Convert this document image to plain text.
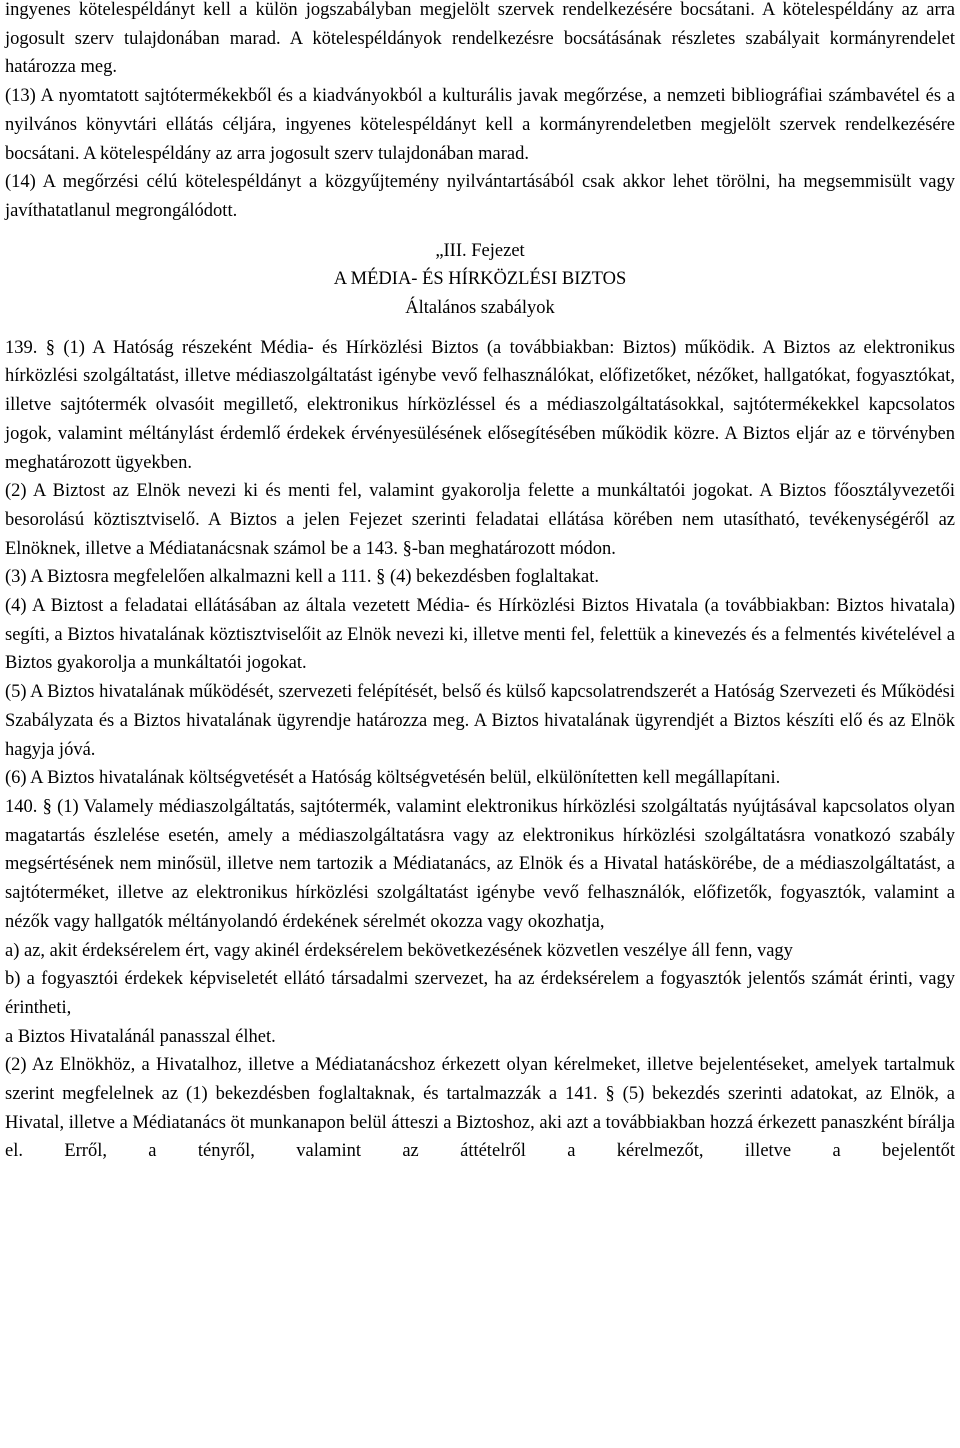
ingyenes kötelespéldányt kell a külön jogszabályban megjelölt szervek rendelkezésére bocsátani. A kötelespéldány az arra jogosult szerv tulajdonában marad. A kötelespéldányok rendelkezésre bocsátásának részletes szabályait kormányrendelet határozza meg.

(13) A nyomtatott sajtótermékekből és a kiadványokból a kulturális javak megőrzése, a nemzeti bibliográfiai számbavétel és a nyilvános könyvtári ellátás céljára, ingyenes kötelespéldányt kell a kormányrendeletben megjelölt szervek rendelkezésére bocsátani. A kötelespéldány az arra jogosult szerv tulajdonában marad.

(14) A megőrzési célú kötelespéldányt a közgyűjtemény nyilvántartásából csak akkor lehet törölni, ha megsemmisült vagy javíthatatlanul megrongálódott.

„III. Fejezet
A MÉDIA- ÉS HÍRKÖZLÉSI BIZTOS
Általános szabályok

139. § (1) A Hatóság részeként Média- és Hírközlési Biztos (a továbbiakban: Biztos) működik. A Biztos az elektronikus hírközlési szolgáltatást, illetve médiaszolgáltatást igénybe vevő felhasználókat, előfizetőket, nézőket, hallgatókat, fogyasztókat, illetve sajtótermék olvasóit megillető, elektronikus hírközléssel és a médiaszolgáltatásokkal, sajtótermékekkel kapcsolatos jogok, valamint méltánylást érdemlő érdekek érvényesülésének elősegítésében működik közre. A Biztos eljár az e törvényben meghatározott ügyekben.

(2) A Biztost az Elnök nevezi ki és menti fel, valamint gyakorolja felette a munkáltatói jogokat. A Biztos főosztályvezetői besorolású köztisztviselő. A Biztos a jelen Fejezet szerinti feladatai ellátása körében nem utasítható, tevékenységéről az Elnöknek, illetve a Médiatanácsnak számol be a 143. §-ban meghatározott módon.

(3) A Biztosra megfelelően alkalmazni kell a 111. § (4) bekezdésben foglaltakat.

(4) A Biztost a feladatai ellátásában az általa vezetett Média- és Hírközlési Biztos Hivatala (a továbbiakban: Biztos hivatala) segíti, a Biztos hivatalának köztisztviselőit az Elnök nevezi ki, illetve menti fel, felettük a kinevezés és a felmentés kivételével a Biztos gyakorolja a munkáltatói jogokat.

(5) A Biztos hivatalának működését, szervezeti felépítését, belső és külső kapcsolatrendszerét a Hatóság Szervezeti és Működési Szabályzata és a Biztos hivatalának ügyrendje határozza meg. A Biztos hivatalának ügyrendjét a Biztos készíti elő és az Elnök hagyja jóvá.

(6) A Biztos hivatalának költségvetését a Hatóság költségvetésén belül, elkülönítetten kell megállapítani.

140. § (1) Valamely médiaszolgáltatás, sajtótermék, valamint elektronikus hírközlési szolgáltatás nyújtásával kapcsolatos olyan magatartás észlelése esetén, amely a médiaszolgáltatásra vagy az elektronikus hírközlési szolgáltatásra vonatkozó szabály megsértésének nem minősül, illetve nem tartozik a Médiatanács, az Elnök és a Hivatal hatáskörébe, de a médiaszolgáltatást, a sajtóterméket, illetve az elektronikus hírközlési szolgáltatást igénybe vevő felhasználók, előfizetők, fogyasztók, valamint a nézők vagy hallgatók méltányolandó érdekének sérelmét okozza vagy okozhatja,

a) az, akit érdeksérelem ért, vagy akinél érdeksérelem bekövetkezésének közvetlen veszélye áll fenn, vagy

b) a fogyasztói érdekek képviseletét ellátó társadalmi szervezet, ha az érdeksérelem a fogyasztók jelentős számát érinti, vagy érintheti,

a Biztos Hivatalánál panasszal élhet.

(2) Az Elnökhöz, a Hivatalhoz, illetve a Médiatanácshoz érkezett olyan kérelmeket, illetve bejelentéseket, amelyek tartalmuk szerint megfelelnek az (1) bekezdésben foglaltaknak, és tartalmazzák a 141. § (5) bekezdés szerinti adatokat, az Elnök, a Hivatal, illetve a Médiatanács öt munkanapon belül átteszi a Biztoshoz, aki azt a továbbiakban hozzá érkezett panaszként bírálja el. Erről, a tényről, valamint az áttételről a kérelmezőt, illetve a bejelentőt
